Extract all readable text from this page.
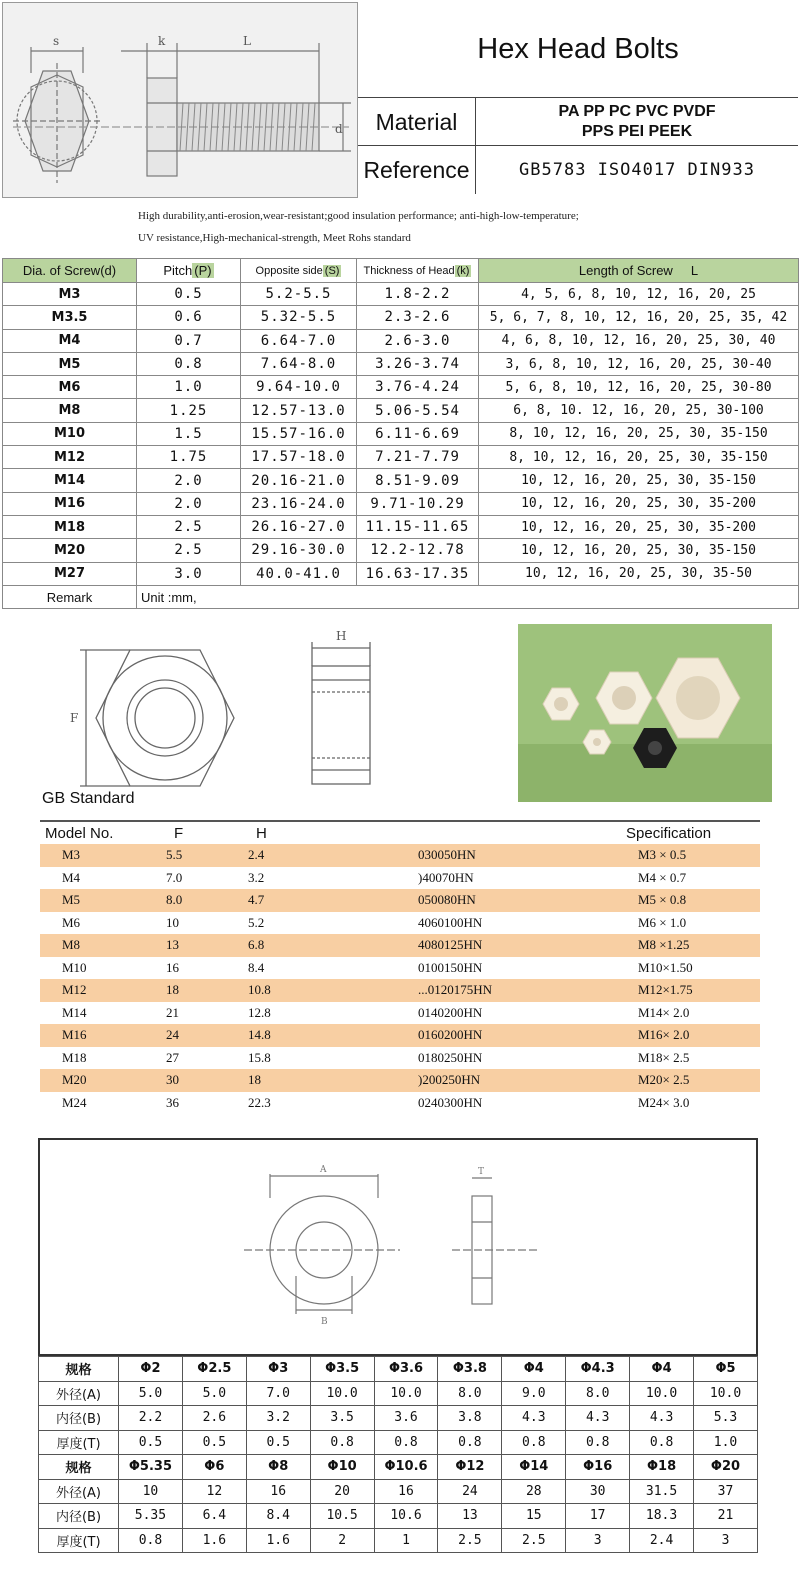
s	k	L
d
Hex Head Bolts
Material	PA PP PC PVC PVDF
PPS PEI PEEK
Reference	GB5783 ISO4017 DIN933
High durability,anti-erosion,wear-resistant;good insulation performance; anti-high-low-temperature;
UV resistance,High-mechanical-strength, Meet Rohs standard
Dia. of Screw(d)	Pitch (P)	Opposite side (S)	Thickness of Head (k)	Length of Screw L
M3	0.5	5.2-5.5	1.8-2.2	4, 5, 6, 8, 10, 12, 16, 20, 25
M3.5	0.6	5.32-5.5	2.3-2.6	5, 6, 7, 8, 10, 12, 16, 20, 25, 35, 42
M4	0.7	6.64-7.0	2.6-3.0	4, 6, 8, 10, 12, 16, 20, 25, 30, 40
M5	0.8	7.64-8.0	3.26-3.74	3, 6, 8, 10, 12, 16, 20, 25, 30-40
M6	1.0	9.64-10.0	3.76-4.24	5, 6, 8, 10, 12, 16, 20, 25, 30-80
M8	1.25	12.57-13.0	5.06-5.54	6, 8, 10. 12, 16, 20, 25, 30-100
M10	1.5	15.57-16.0	6.11-6.69	8, 10, 12, 16, 20, 25, 30, 35-150
M12	1.75	17.57-18.0	7.21-7.79	8, 10, 12, 16, 20, 25, 30, 35-150
M14	2.0	20.16-21.0	8.51-9.09	10, 12, 16, 20, 25, 30, 35-150
M16	2.0	23.16-24.0	9.71-10.29	10, 12, 16, 20, 25, 30, 35-200
M18	2.5	26.16-27.0	11.15-11.65	10, 12, 16, 20, 25, 30, 35-200
M20	2.5	29.16-30.0	12.2-12.78	10, 12, 16, 20, 25, 30, 35-150
M27	3.0	40.0-41.0	16.63-17.35	10, 12, 16, 20, 25, 30, 35-50
Remark	Unit :mm,			
F
H
GB Standard
Model No.	F	H	Specification
M3	5.5	2.4	030050HN	M3 × 0.5
M4	7.0	3.2	)40070HN	M4 × 0.7
M5	8.0	4.7	050080HN	M5 × 0.8
M6	10	5.2	4060100HN	M6 × 1.0
M8	13	6.8	4080125HN	M8 ×1.25
M10	16	8.4	0100150HN	M10×1.50
M12	18	10.8	...0120175HN	M12×1.75
M14	21	12.8	0140200HN	M14× 2.0
M16	24	14.8	0160200HN	M16× 2.0
M18	27	15.8	0180250HN	M18× 2.5
M20	30	18	)200250HN	M20× 2.5
M24	36	22.3	0240300HN	M24× 3.0
A	T
B
规格	Φ2	Φ2.5	Φ3	Φ3.5	Φ3.6	Φ3.8	Φ4	Φ4.3	Φ4	Φ5
外径(A)	5.0	5.0	7.0	10.0	10.0	8.0	9.0	8.0	10.0	10.0
内径(B)	2.2	2.6	3.2	3.5	3.6	3.8	4.3	4.3	4.3	5.3
厚度(T)	0.5	0.5	0.5	0.8	0.8	0.8	0.8	0.8	0.8	1.0
规格	Φ5.35	Φ6	Φ8	Φ10	Φ10.6	Φ12	Φ14	Φ16	Φ18	Φ20
外径(A)	10	12	16	20	16	24	28	30	31.5	37
内径(B)	5.35	6.4	8.4	10.5	10.6	13	15	17	18.3	21
厚度(T)	0.8	1.6	1.6	2	1	2.5	2.5	3	2.4	3
